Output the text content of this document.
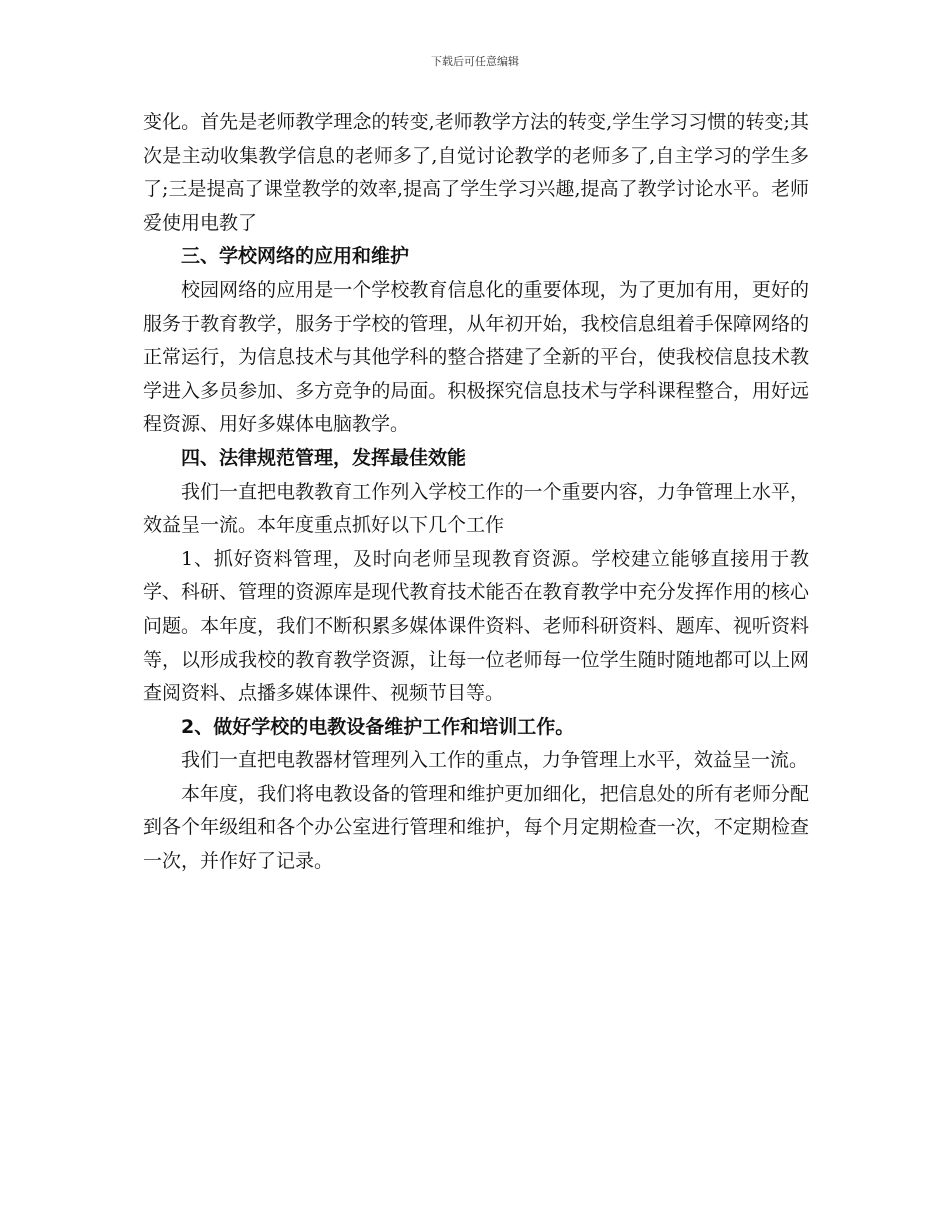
下载后可任意编辑

变化。首先是老师教学理念的转变,老师教学方法的转变,学生学习习惯的转变;其次是主动收集教学信息的老师多了,自觉讨论教学的老师多了,自主学习的学生多了;三是提高了课堂教学的效率,提高了学生学习兴趣,提高了教学讨论水平。老师爱使用电教了

三、学校网络的应用和维护

校园网络的应用是一个学校教育信息化的重要体现，为了更加有用，更好的服务于教育教学，服务于学校的管理，从年初开始，我校信息组着手保障网络的正常运行，为信息技术与其他学科的整合搭建了全新的平台，使我校信息技术教学进入多员参加、多方竞争的局面。积极探究信息技术与学科课程整合，用好远程资源、用好多媒体电脑教学。

四、法律规范管理，发挥最佳效能

我们一直把电教教育工作列入学校工作的一个重要内容，力争管理上水平，效益呈一流。本年度重点抓好以下几个工作

1、抓好资料管理，及时向老师呈现教育资源。学校建立能够直接用于教学、科研、管理的资源库是现代教育技术能否在教育教学中充分发挥作用的核心问题。本年度，我们不断积累多媒体课件资料、老师科研资料、题库、视听资料等，以形成我校的教育教学资源，让每一位老师每一位学生随时随地都可以上网查阅资料、点播多媒体课件、视频节目等。

2、做好学校的电教设备维护工作和培训工作。

我们一直把电教器材管理列入工作的重点，力争管理上水平，效益呈一流。

本年度，我们将电教设备的管理和维护更加细化，把信息处的所有老师分配到各个年级组和各个办公室进行管理和维护，每个月定期检查一次，不定期检查一次，并作好了记录。
